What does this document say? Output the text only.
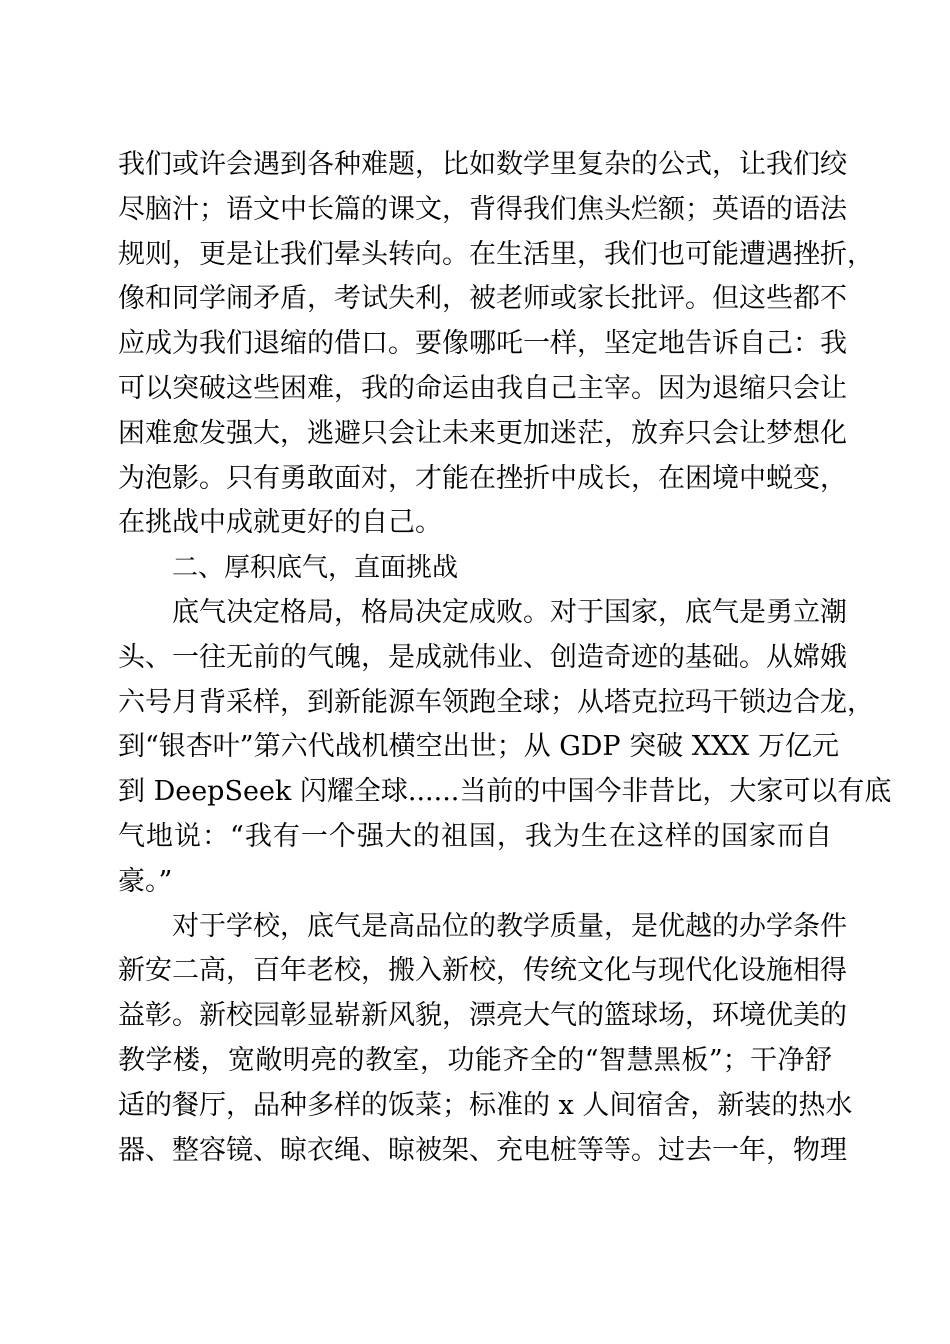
我们或许会遇到各种难题，比如数学里复杂的公式，让我们绞
尽脑汁；语文中长篇的课文，背得我们焦头烂额；英语的语法
规则，更是让我们晕头转向。在生活里，我们也可能遭遇挫折，
像和同学闹矛盾，考试失利，被老师或家长批评。但这些都不
应成为我们退缩的借口。要像哪吒一样，坚定地告诉自己：我
可以突破这些困难，我的命运由我自己主宰。因为退缩只会让
困难愈发强大，逃避只会让未来更加迷茫，放弃只会让梦想化
为泡影。只有勇敢面对，才能在挫折中成长，在困境中蜕变，
在挑战中成就更好的自己。
二、厚积底气，直面挑战
底气决定格局，格局决定成败。对于国家，底气是勇立潮
头、一往无前的气魄，是成就伟业、创造奇迹的基础。从嫦娥
六号月背采样，到新能源车领跑全球；从塔克拉玛干锁边合龙，
到“银杏叶”第六代战机横空出世；从 GDP 突破 XXX 万亿元
到 DeepSeek 闪耀全球......当前的中国今非昔比，大家可以有底
气地说：“我有一个强大的祖国，我为生在这样的国家而自
豪。”
对于学校，底气是高品位的教学质量，是优越的办学条件
新安二高，百年老校，搬入新校，传统文化与现代化设施相得
益彰。新校园彰显崭新风貌，漂亮大气的篮球场，环境优美的
教学楼，宽敞明亮的教室，功能齐全的“智慧黑板”；干净舒
适的餐厅，品种多样的饭菜；标准的 x 人间宿舍，新装的热水
器、整容镜、晾衣绳、晾被架、充电桩等等。过去一年，物理
